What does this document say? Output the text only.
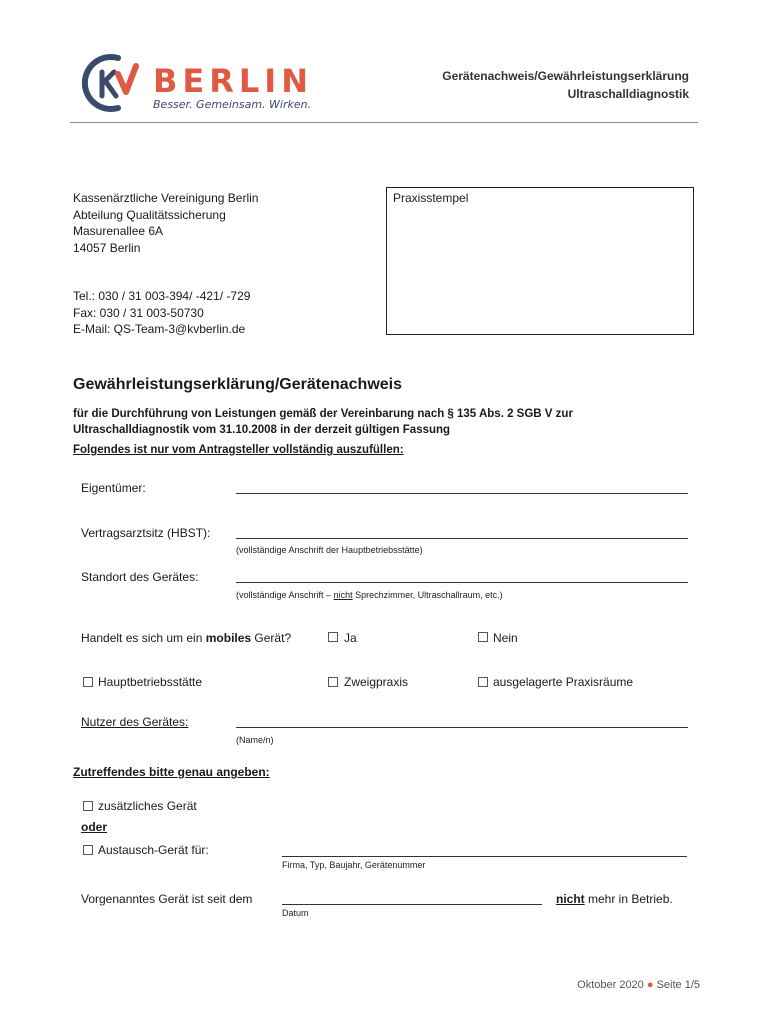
BERLIN
Besser. Gemeinsam. Wirken.
Gerätenachweis/Gewährleistungserklärung
Ultraschalldiagnostik
Kassenärztliche Vereinigung Berlin
Abteilung Qualitätssicherung
Masurenallee 6A
14057 Berlin
Tel.: 030 / 31 003-394/ -421/ -729
Fax: 030 / 31 003-50730
E-Mail: QS-Team-3@kvberlin.de
Praxisstempel
Gewährleistungserklärung/Gerätenachweis
für die Durchführung von Leistungen gemäß der Vereinbarung nach § 135 Abs. 2 SGB V zur
Ultraschalldiagnostik vom 31.10.2008 in der derzeit gültigen Fassung
Folgendes ist nur vom Antragsteller vollständig auszufüllen:
Eigentümer:
Vertragsarztsitz (HBST):
(vollständige Anschrift der Hauptbetriebsstätte)
Standort des Gerätes:
(vollständige Anschrift – nicht Sprechzimmer, Ultraschallraum, etc.)
Handelt es sich um ein mobiles Gerät?	Ja	Nein
Hauptbetriebsstätte	Zweigpraxis	ausgelagerte Praxisräume
Nutzer des Gerätes:
(Name/n)
Zutreffendes bitte genau angeben:
zusätzliches Gerät
oder
Austausch-Gerät für:
Firma, Typ, Baujahr, Gerätenummer
Vorgenanntes Gerät ist seit dem	nicht mehr in Betrieb.
Datum
Oktober 2020 ● Seite 1/5
